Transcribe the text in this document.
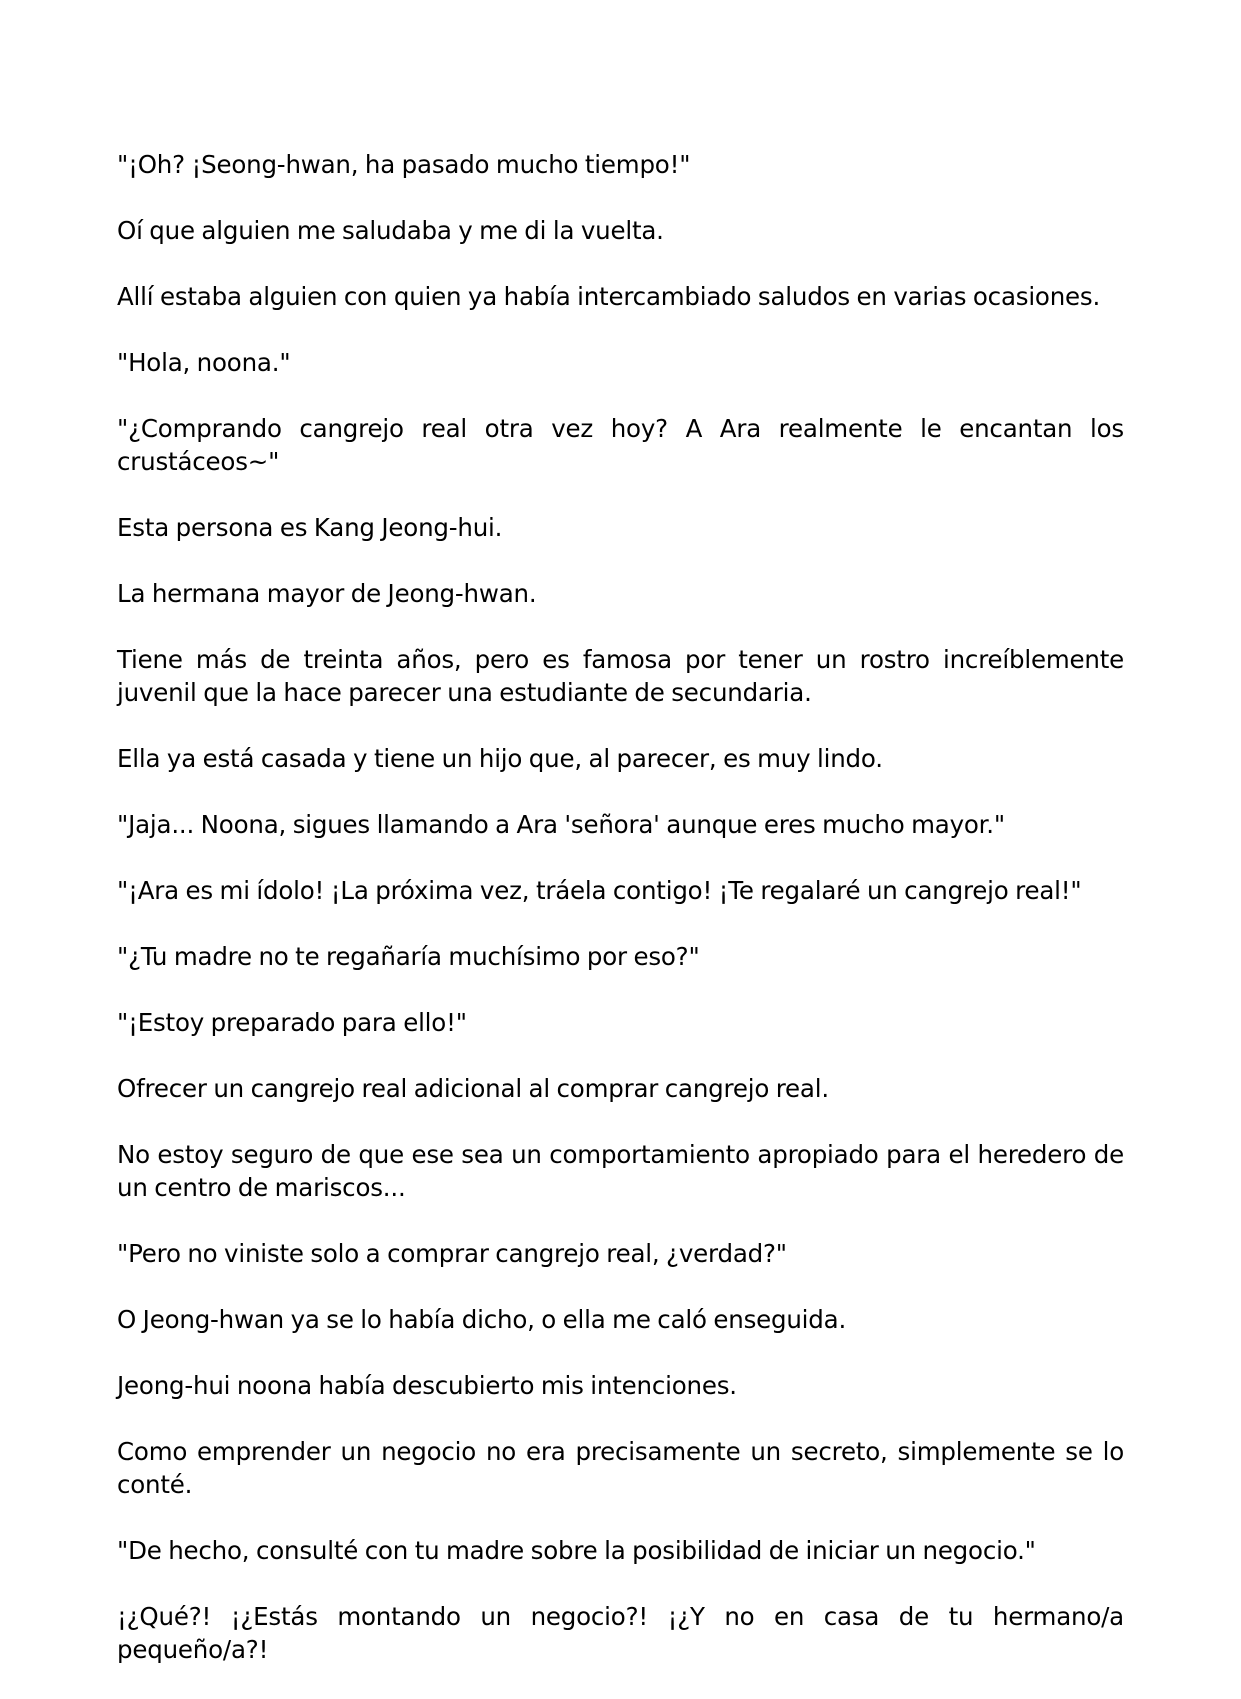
"¡Oh? ¡Seong-hwan, ha pasado mucho tiempo!"

Oí que alguien me saludaba y me di la vuelta.

Allí estaba alguien con quien ya había intercambiado saludos en varias ocasiones.

"Hola, noona."

"¿Comprando cangrejo real otra vez hoy? A Ara realmente le encantan los crustáceos~"

Esta persona es Kang Jeong-hui.

La hermana mayor de Jeong-hwan.

Tiene más de treinta años, pero es famosa por tener un rostro increíblemente juvenil que la hace parecer una estudiante de secundaria.

Ella ya está casada y tiene un hijo que, al parecer, es muy lindo.

"Jaja... Noona, sigues llamando a Ara 'señora' aunque eres mucho mayor."

"¡Ara es mi ídolo! ¡La próxima vez, tráela contigo! ¡Te regalaré un cangrejo real!"

"¿Tu madre no te regañaría muchísimo por eso?"

"¡Estoy preparado para ello!"

Ofrecer un cangrejo real adicional al comprar cangrejo real.

No estoy seguro de que ese sea un comportamiento apropiado para el heredero de un centro de mariscos...

"Pero no viniste solo a comprar cangrejo real, ¿verdad?"

O Jeong-hwan ya se lo había dicho, o ella me caló enseguida.

Jeong-hui noona había descubierto mis intenciones.

Como emprender un negocio no era precisamente un secreto, simplemente se lo conté.

"De hecho, consulté con tu madre sobre la posibilidad de iniciar un negocio."

¡¿Qué?! ¡¿Estás montando un negocio?! ¡¿Y no en casa de tu hermano/a pequeño/a?!
